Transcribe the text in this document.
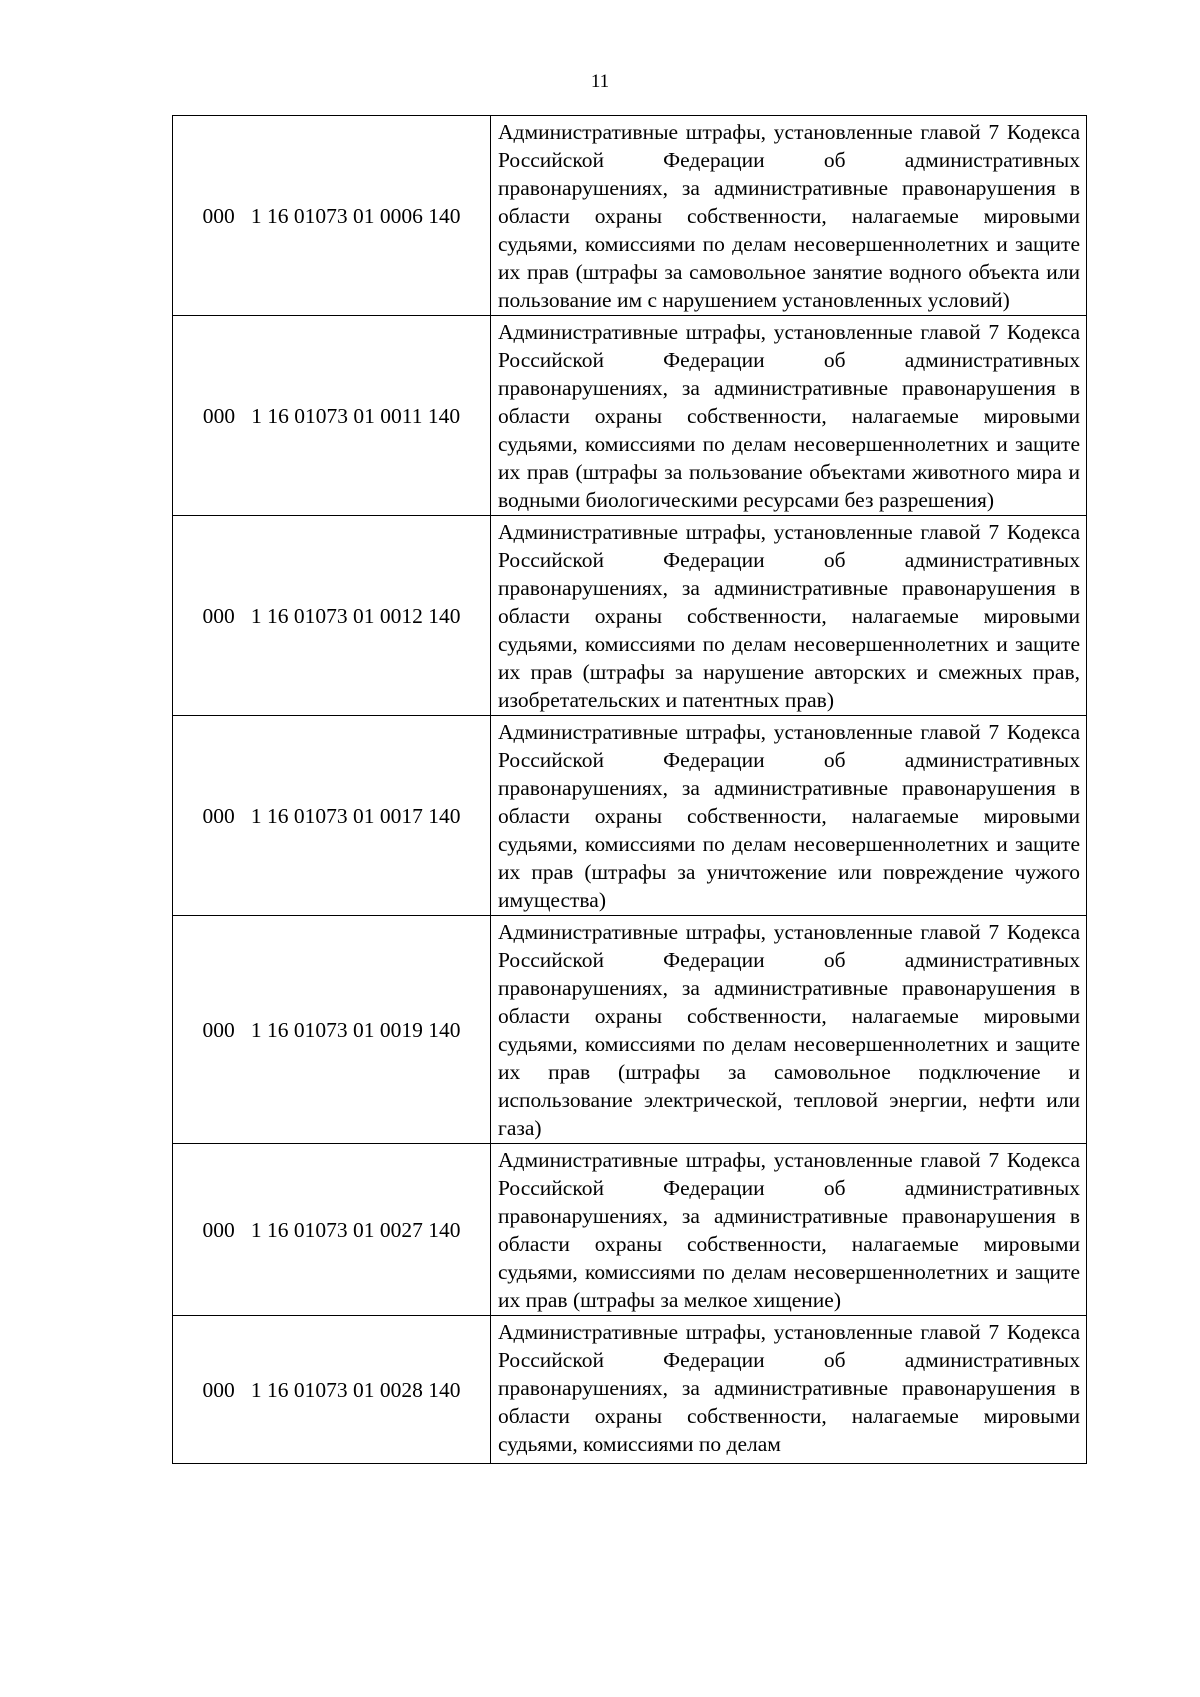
11
000   1 16 01073 01 0006 140	Административные штрафы, установленные главой 7 Кодекса Российской Федерации об административных правонарушениях, за административные правонарушения в области охраны собственности, налагаемые мировыми судьями, комиссиями по делам несовершеннолетних и защите их прав (штрафы за самовольное занятие водного объекта или пользование им с нарушением установленных условий)

000   1 16 01073 01 0011 140	Административные штрафы, установленные главой 7 Кодекса Российской Федерации об административных правонарушениях, за административные правонарушения в области охраны собственности, налагаемые мировыми судьями, комиссиями по делам несовершеннолетних и защите их прав (штрафы за пользование объектами животного мира и водными биологическими ресурсами без разрешения)

000   1 16 01073 01 0012 140	Административные штрафы, установленные главой 7 Кодекса Российской Федерации об административных правонарушениях, за административные правонарушения в области охраны собственности, налагаемые мировыми судьями, комиссиями по делам несовершеннолетних и защите их прав (штрафы за нарушение авторских и смежных прав, изобретательских и патентных прав)

000   1 16 01073 01 0017 140	Административные штрафы, установленные главой 7 Кодекса Российской Федерации об административных правонарушениях, за административные правонарушения в области охраны собственности, налагаемые мировыми судьями, комиссиями по делам несовершеннолетних и защите их прав (штрафы за уничтожение или повреждение чужого имущества)

000   1 16 01073 01 0019 140	Административные штрафы, установленные главой 7 Кодекса Российской Федерации об административных правонарушениях, за административные правонарушения в области охраны собственности, налагаемые мировыми судьями, комиссиями по делам несовершеннолетних и защите их прав (штрафы за самовольное подключение и использование электрической, тепловой энергии, нефти или газа)

000   1 16 01073 01 0027 140	Административные штрафы, установленные главой 7 Кодекса Российской Федерации об административных правонарушениях, за административные правонарушения в области охраны собственности, налагаемые мировыми судьями, комиссиями по делам несовершеннолетних и защите их прав (штрафы за мелкое хищение)

000   1 16 01073 01 0028 140	Административные штрафы, установленные главой 7 Кодекса Российской Федерации об административных правонарушениях, за административные правонарушения в области охраны собственности, налагаемые мировыми судьями, комиссиями по делам
